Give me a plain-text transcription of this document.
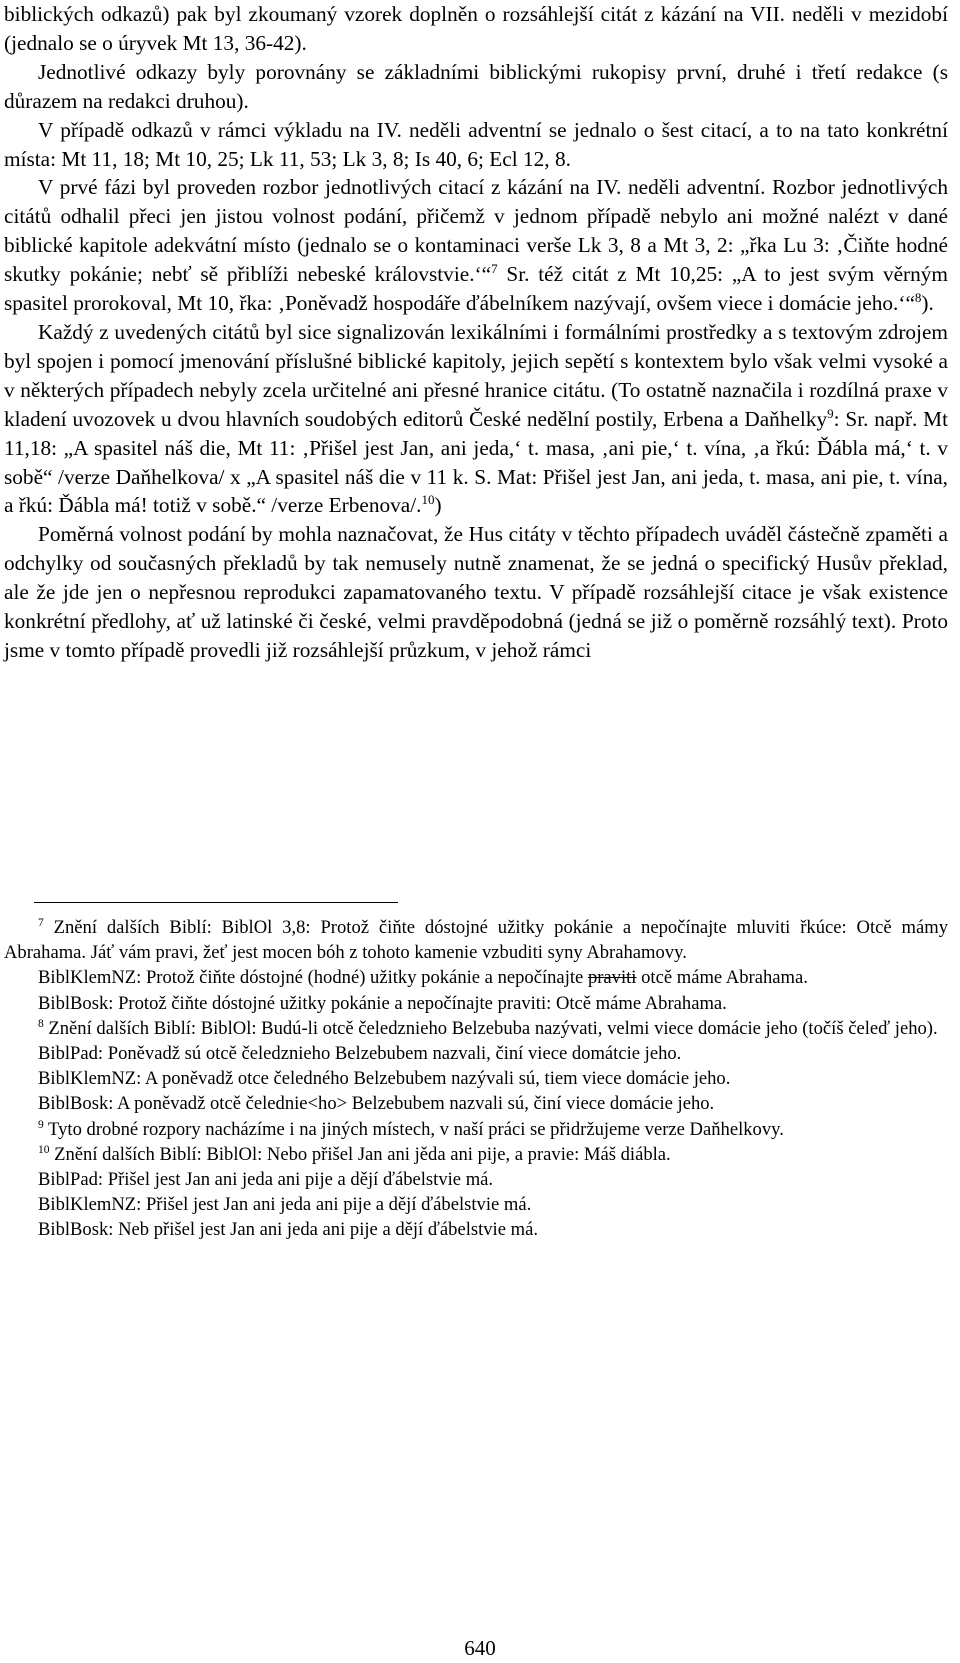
biblických odkazů) pak byl zkoumaný vzorek doplněn o rozsáhlejší citát z kázání na VII. neděli v mezidobí (jednalo se o úryvek Mt 13, 36-42).

Jednotlivé odkazy byly porovnány se základními biblickými rukopisy první, druhé i třetí redakce (s důrazem na redakci druhou).

V případě odkazů v rámci výkladu na IV. neděli adventní se jednalo o šest citací, a to na tato konkrétní místa: Mt 11, 18; Mt 10, 25; Lk 11, 53; Lk 3, 8; Is 40, 6; Ecl 12, 8.

V prvé fázi byl proveden rozbor jednotlivých citací z kázání na IV. neděli adventní. Rozbor jednotlivých citátů odhalil přeci jen jistou volnost podání, přičemž v jednom případě nebylo ani možné nalézt v dané biblické kapitole adekvátní místo (jednalo se o kontaminaci verše Lk 3, 8 a Mt 3, 2: „řka Lu 3: ‚Čiňte hodné skutky pokánie; nebť sě přiblíži nebeské královstvie.‘“$^7$ Sr. též citát z Mt 10,25: „A to jest svým věrným spasitel prorokoval, Mt 10, řka: ‚Poněvadž hospodáře ďábelníkem nazývají, ovšem viece i domácie jeho.‘“$^8$).

Každý z uvedených citátů byl sice signalizován lexikálními i formálními prostředky a s textovým zdrojem byl spojen i pomocí jmenování příslušné biblické kapitoly, jejich sepětí s kontextem bylo však velmi vysoké a v některých případech nebyly zcela určitelné ani přesné hranice citátu. (To ostatně naznačila i rozdílná praxe v kladení uvozovek u dvou hlavních soudobých editorů České nedělní postily, Erbena a Daňhelky$^9$: Sr. např. Mt 11,18: „A spasitel náš die, Mt 11: ‚Přišel jest Jan, ani jeda,‘ t. masa, ‚ani pie,‘ t. vína, ‚a řkú: Ďábla má,‘ t. v sobě“ /verze Daňhelkova/ x „A spasitel náš die v 11 k. S. Mat: Přišel jest Jan, ani jeda, t. masa, ani pie, t. vína, a řkú: Ďábla má! totiž v sobě.“ /verze Erbenova/.$^{10}$)

Poměrná volnost podání by mohla naznačovat, že Hus citáty v těchto případech uváděl částečně zpaměti a odchylky od současných překladů by tak nemusely nutně znamenat, že se jedná o specifický Husův překlad, ale že jde jen o nepřesnou reprodukci zapamatovaného textu. V případě rozsáhlejší citace je však existence konkrétní předlohy, ať už latinské či české, velmi pravděpodobná (jedná se již o poměrně rozsáhlý text). Proto jsme v tomto případě provedli již rozsáhlejší průzkum, v jehož rámci

$^7$ Znění dalších Biblí: BiblOl 3,8: Protož čiňte dóstojné užitky pokánie a nepočínajte mluviti řkúce: Otcě mámy Abrahama. Jáť vám pravi, žeť jest mocen bóh z tohoto kamenie vzbuditi syny Abrahamovy.

BiblKlemNZ: Protož čiňte dóstojné (hodné) užitky pokánie a nepočínajte praviti otcě máme Abrahama.

BiblBosk: Protož čiňte dóstojné užitky pokánie a nepočínajte praviti: Otcě máme Abrahama.

$^8$ Znění dalších Biblí: BiblOl: Budú-li otcě čeledznieho Belzebuba nazývati, velmi viece domácie jeho (točíš čeleď jeho).

BiblPad: Poněvadž sú otcě čeledznieho Belzebubem nazvali, činí viece domátcie jeho.

BiblKlemNZ: A poněvadž otce čeledného Belzebubem nazývali sú, tiem viece domácie jeho.

BiblBosk: A poněvadž otcě čelednie<ho> Belzebubem nazvali sú, činí viece domácie jeho.

$^9$ Tyto drobné rozpory nacházíme i na jiných místech, v naší práci se přidržujeme verze Daňhelkovy.

$^{10}$ Znění dalších Biblí: BiblOl: Nebo přišel Jan ani jěda ani pije, a pravie: Máš diábla.

BiblPad: Přišel jest Jan ani jeda ani pije a dějí ďábelstvie má.

BiblKlemNZ: Přišel jest Jan ani jeda ani pije a dějí ďábelstvie má.

BiblBosk: Neb přišel jest Jan ani jeda ani pije a dějí ďábelstvie má.

640
